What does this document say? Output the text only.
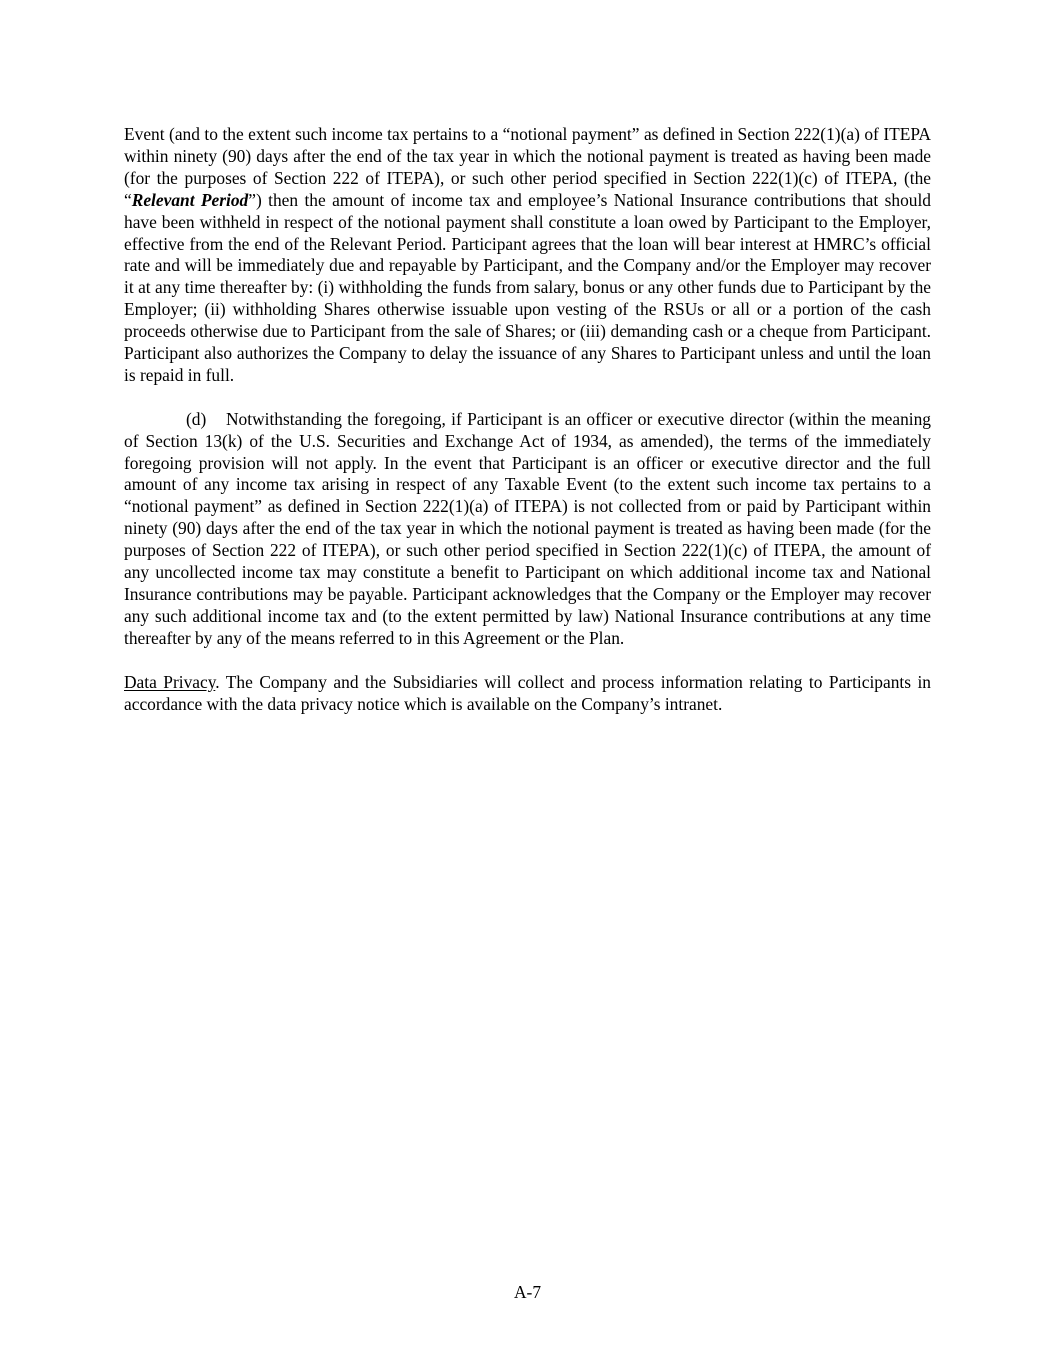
Event (and to the extent such income tax pertains to a “notional payment” as defined in Section 222(1)(a) of ITEPA within ninety (90) days after the end of the tax year in which the notional payment is treated as having been made (for the purposes of Section 222 of ITEPA), or such other period specified in Section 222(1)(c) of ITEPA, (the “Relevant Period”) then the amount of income tax and employee’s National Insurance contributions that should have been withheld in respect of the notional payment shall constitute a loan owed by Participant to the Employer, effective from the end of the Relevant Period. Participant agrees that the loan will bear interest at HMRC’s official rate and will be immediately due and repayable by Participant, and the Company and/or the Employer may recover it at any time thereafter by: (i) withholding the funds from salary, bonus or any other funds due to Participant by the Employer; (ii) withholding Shares otherwise issuable upon vesting of the RSUs or all or a portion of the cash proceeds otherwise due to Participant from the sale of Shares; or (iii) demanding cash or a cheque from Participant. Participant also authorizes the Company to delay the issuance of any Shares to Participant unless and until the loan is repaid in full.

(d) Notwithstanding the foregoing, if Participant is an officer or executive director (within the meaning of Section 13(k) of the U.S. Securities and Exchange Act of 1934, as amended), the terms of the immediately foregoing provision will not apply. In the event that Participant is an officer or executive director and the full amount of any income tax arising in respect of any Taxable Event (to the extent such income tax pertains to a “notional payment” as defined in Section 222(1)(a) of ITEPA) is not collected from or paid by Participant within ninety (90) days after the end of the tax year in which the notional payment is treated as having been made (for the purposes of Section 222 of ITEPA), or such other period specified in Section 222(1)(c) of ITEPA, the amount of any uncollected income tax may constitute a benefit to Participant on which additional income tax and National Insurance contributions may be payable. Participant acknowledges that the Company or the Employer may recover any such additional income tax and (to the extent permitted by law) National Insurance contributions at any time thereafter by any of the means referred to in this Agreement or the Plan.

Data Privacy. The Company and the Subsidiaries will collect and process information relating to Participants in accordance with the data privacy notice which is available on the Company’s intranet.

A-7
